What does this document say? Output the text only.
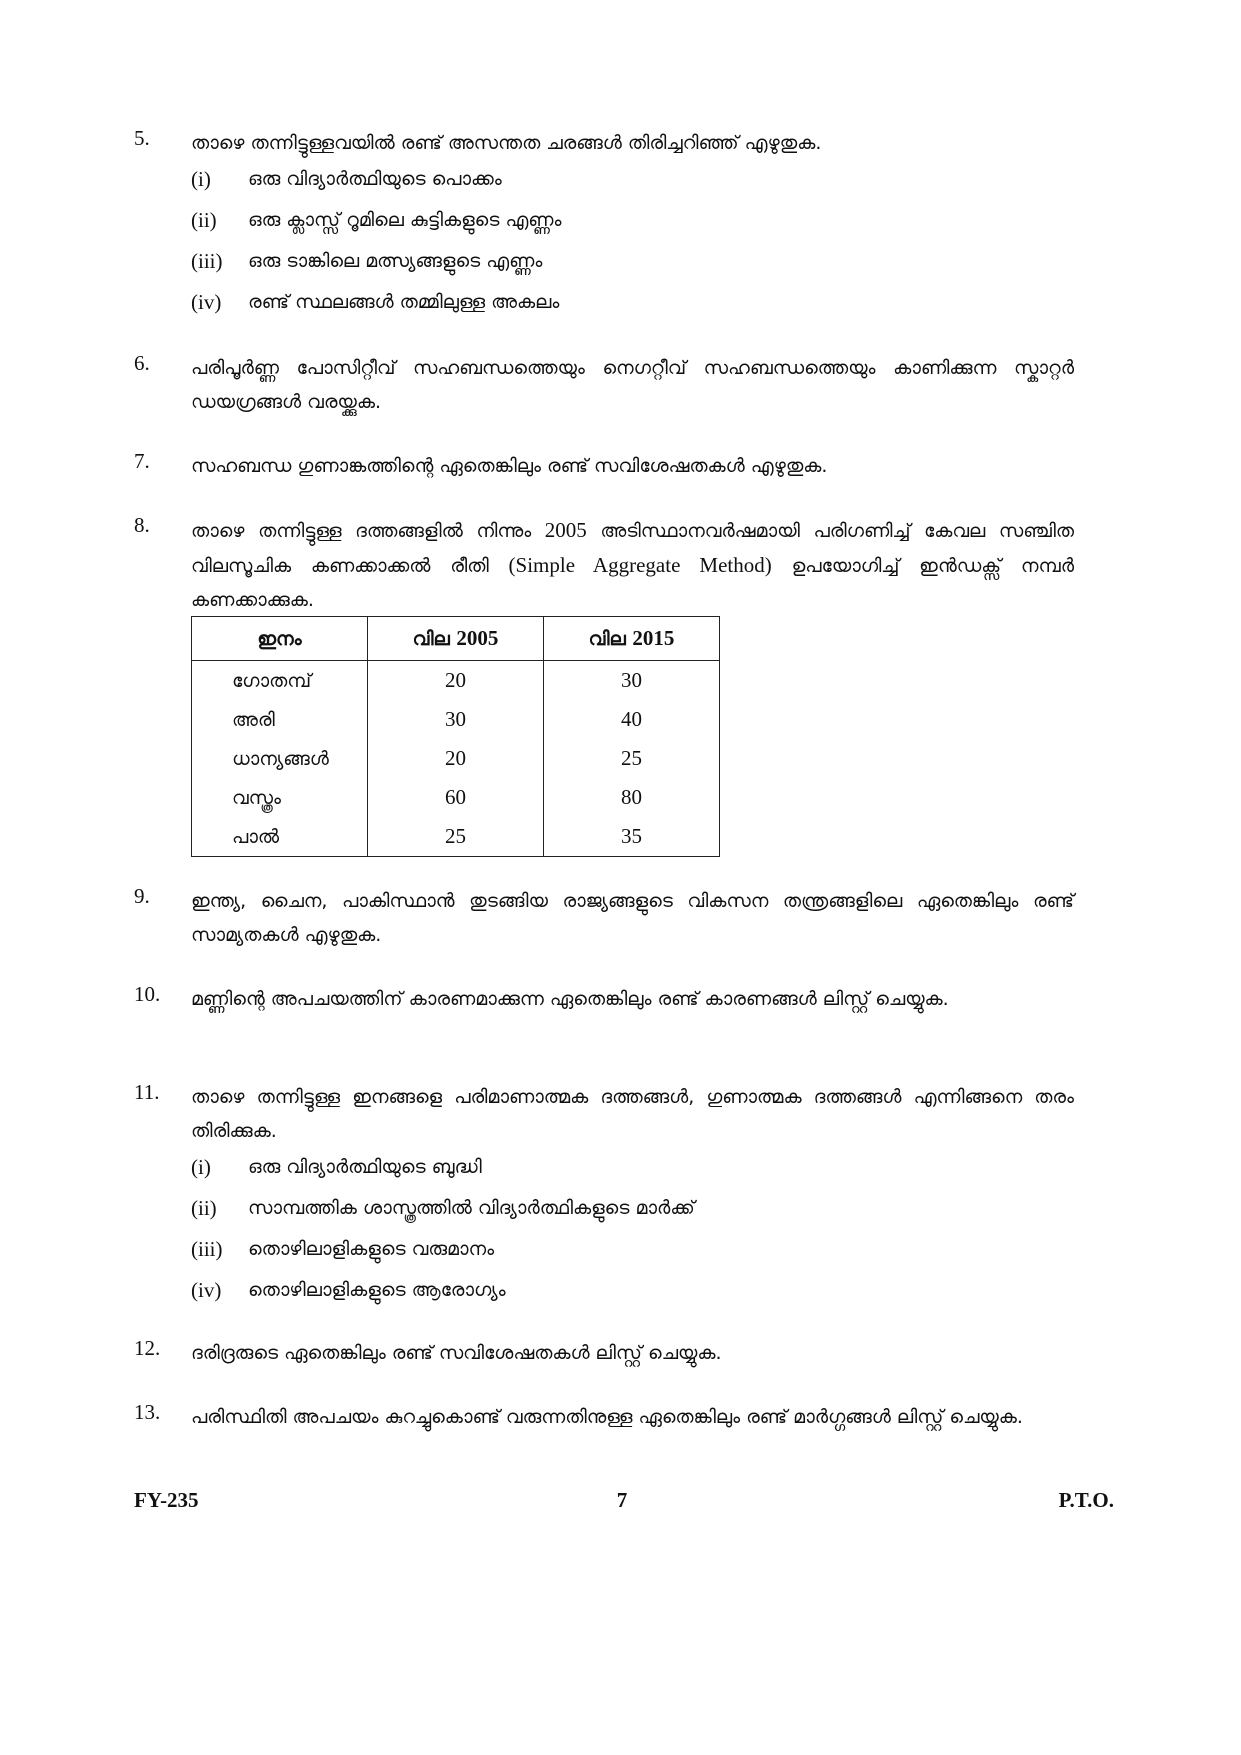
5.	താഴെ തന്നിട്ടുള്ളവയിൽ രണ്ട് അസന്തത ചരങ്ങൾ തിരിച്ചറിഞ്ഞ് എഴുതുക.
(i)	ഒരു വിദ്യാർത്ഥിയുടെ പൊക്കം
(ii)	ഒരു ക്ലാസ്സ് റൂമിലെ കുട്ടികളുടെ എണ്ണം
(iii)	ഒരു ടാങ്കിലെ മത്സ്യങ്ങളുടെ എണ്ണം
(iv)	രണ്ട് സ്ഥലങ്ങൾ തമ്മിലുള്ള അകലം
6.	പരിപൂർണ്ണ പോസിറ്റീവ് സഹബന്ധത്തെയും നെഗറ്റീവ് സഹബന്ധത്തെയും കാണിക്കുന്ന സ്കാറ്റർ ഡയഗ്രങ്ങൾ വരയ്ക്കുക.
7.	സഹബന്ധ ഗുണാങ്കത്തിന്റെ ഏതെങ്കിലും രണ്ട് സവിശേഷതകൾ എഴുതുക.
8.	താഴെ തന്നിട്ടുള്ള ദത്തങ്ങളിൽ നിന്നും 2005 അടിസ്ഥാനവർഷമായി പരിഗണിച്ച് കേവല സഞ്ചിത വിലസൂചിക കണക്കാക്കൽ രീതി (Simple Aggregate Method) ഉപയോഗിച്ച് ഇൻഡക്സ് നമ്പർ കണക്കാക്കുക.
ഇനം	വില 2005	വില 2015
ഗോതമ്പ്	20	30
അരി	30	40
ധാന്യങ്ങൾ	20	25
വസ്ത്രം	60	80
പാൽ	25	35
9.	ഇന്ത്യ, ചൈന, പാകിസ്ഥാൻ തുടങ്ങിയ രാജ്യങ്ങളുടെ വികസന തന്ത്രങ്ങളിലെ ഏതെങ്കിലും രണ്ട് സാമ്യതകൾ എഴുതുക.
10.	മണ്ണിന്റെ അപചയത്തിന് കാരണമാക്കുന്ന ഏതെങ്കിലും രണ്ട് കാരണങ്ങൾ ലിസ്റ്റ് ചെയ്യുക.
11.	താഴെ തന്നിട്ടുള്ള ഇനങ്ങളെ പരിമാണാത്മക ദത്തങ്ങൾ, ഗുണാത്മക ദത്തങ്ങൾ എന്നിങ്ങനെ തരം തിരിക്കുക.
(i)	ഒരു വിദ്യാർത്ഥിയുടെ ബുദ്ധി
(ii)	സാമ്പത്തിക ശാസ്ത്രത്തിൽ വിദ്യാർത്ഥികളുടെ മാർക്ക്
(iii)	തൊഴിലാളികളുടെ വരുമാനം
(iv)	തൊഴിലാളികളുടെ ആരോഗ്യം
12.	ദരിദ്രരുടെ ഏതെങ്കിലും രണ്ട് സവിശേഷതകൾ ലിസ്റ്റ് ചെയ്യുക.
13.	പരിസ്ഥിതി അപചയം കുറച്ചുകൊണ്ട് വരുന്നതിനുള്ള ഏതെങ്കിലും രണ്ട് മാർഗ്ഗങ്ങൾ ലിസ്റ്റ് ചെയ്യുക.
FY-235	7	P.T.O.
